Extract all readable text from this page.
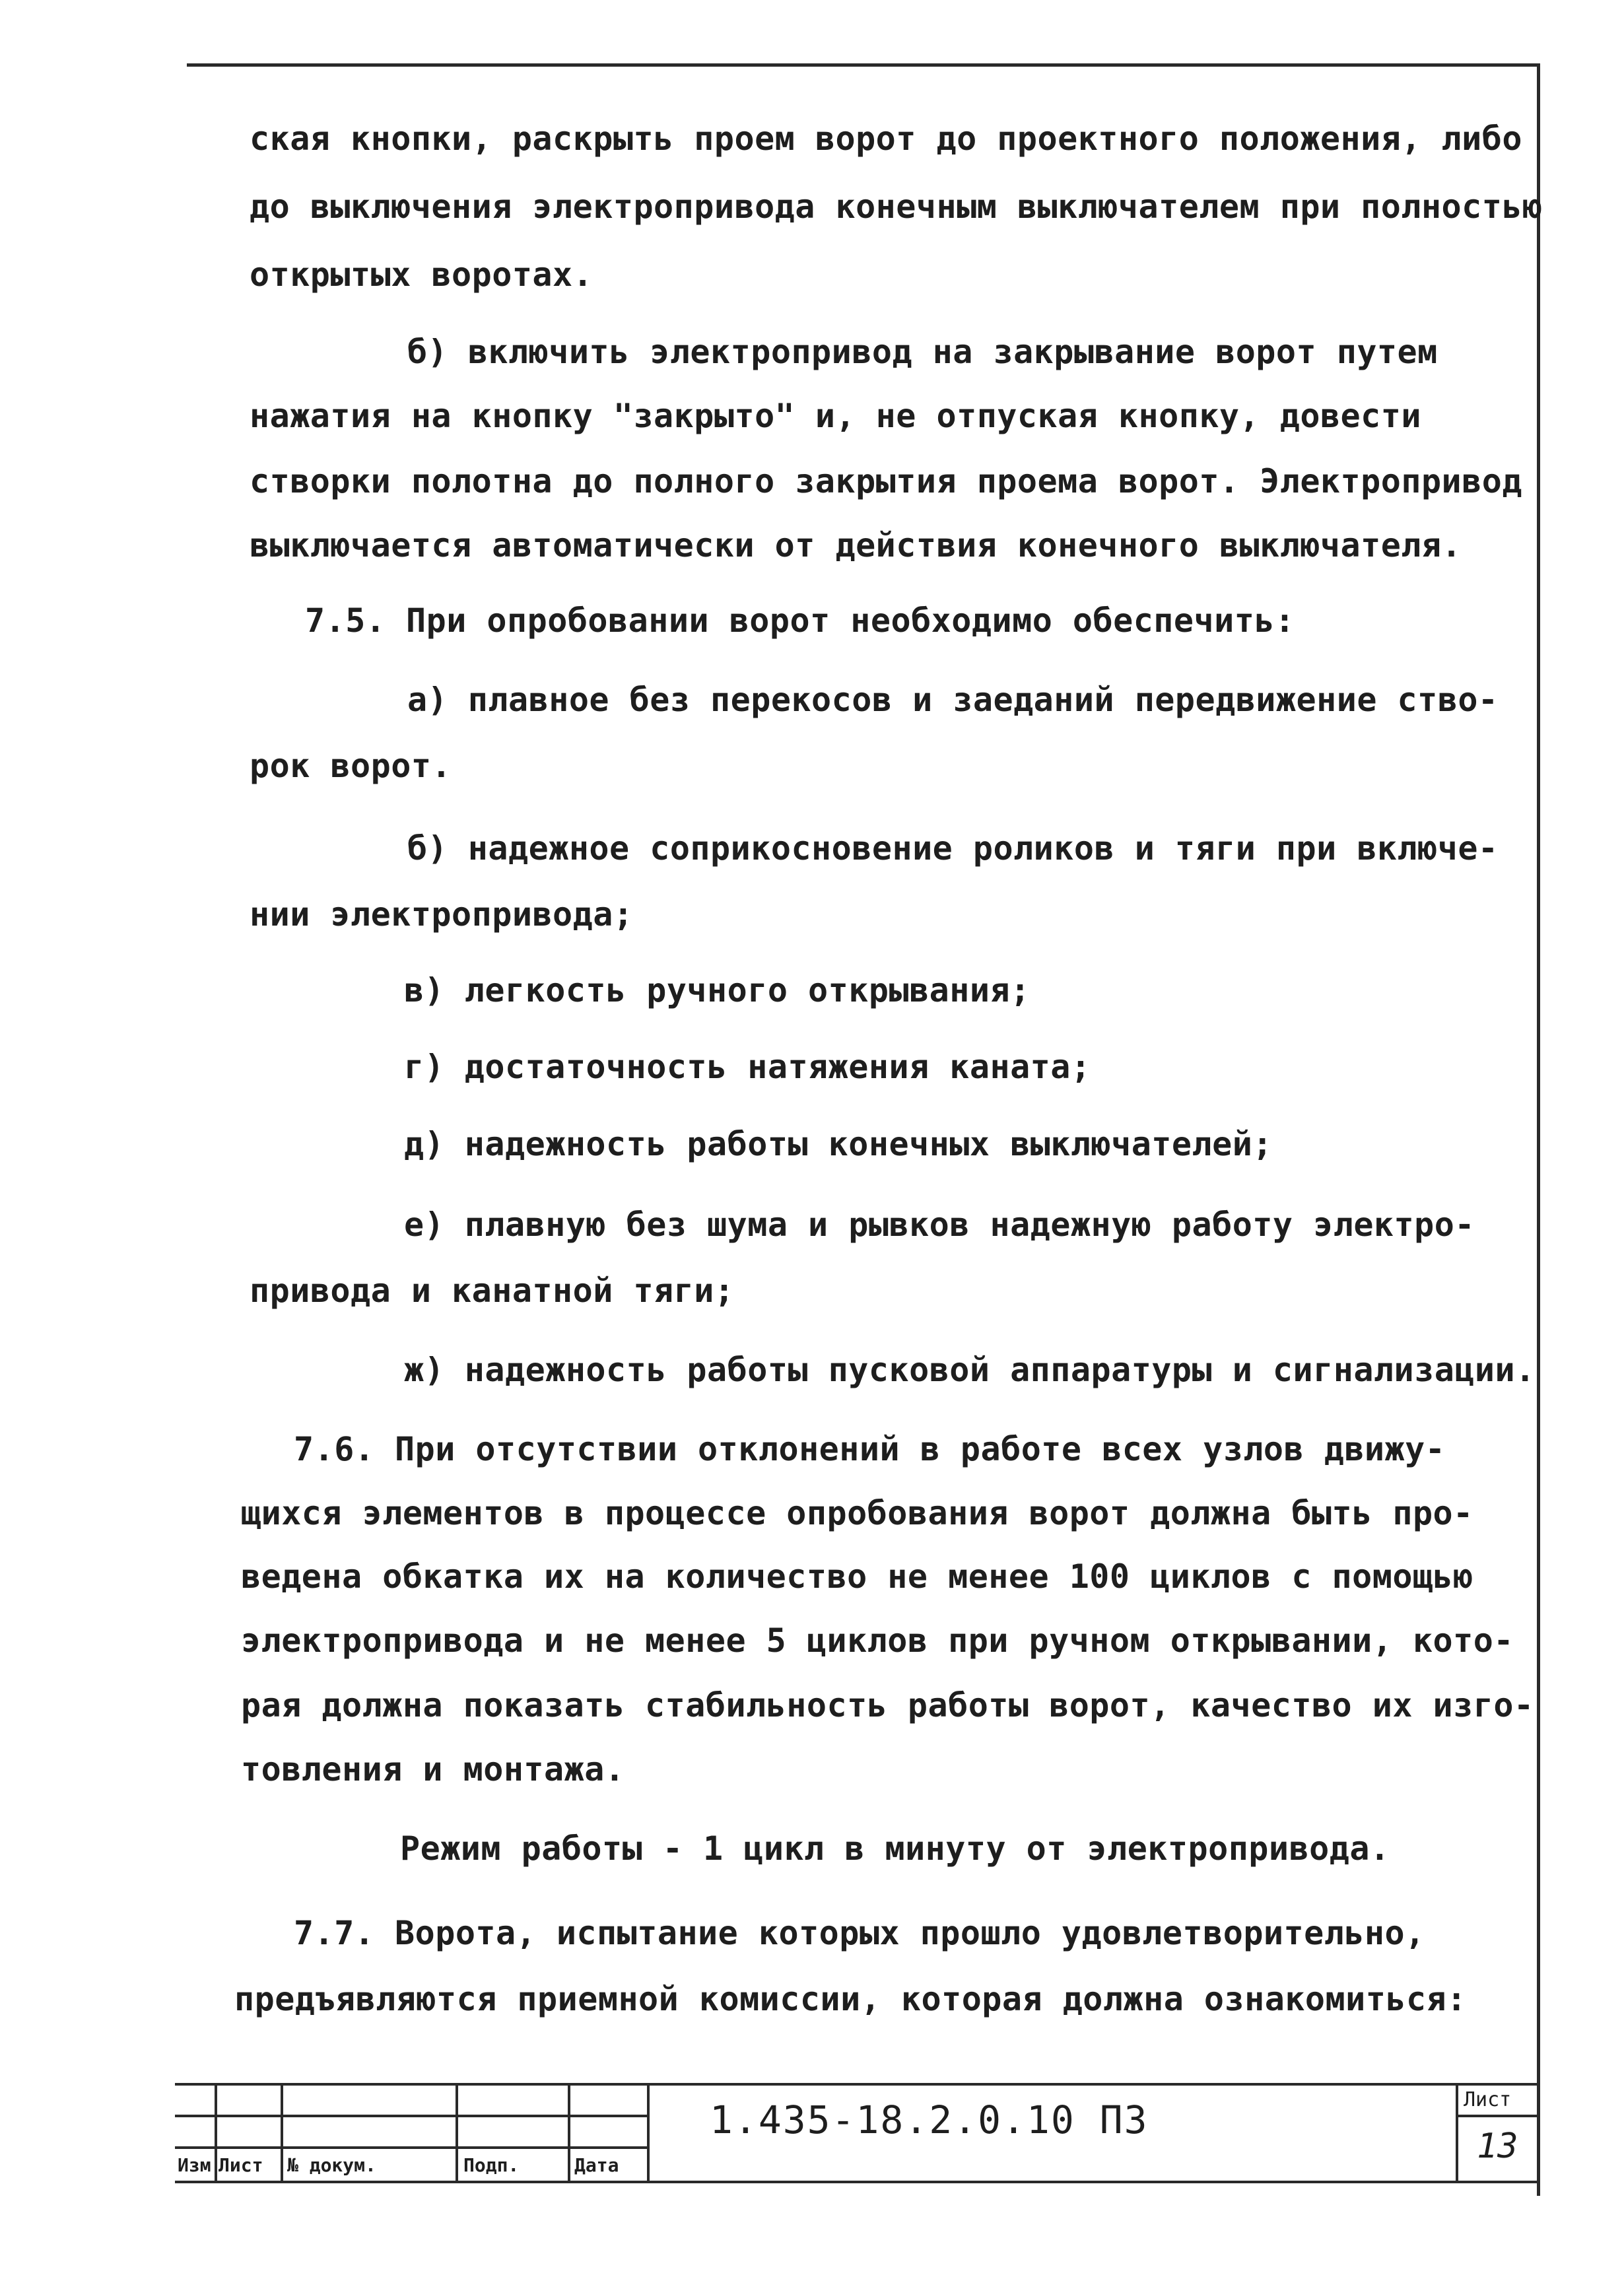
ская кнопки, раскрыть проем ворот до проектного положения, либо
до выключения электропривода конечным выключателем при полностью
открытых воротах.
б) включить электропривод на закрывание ворот путем
нажатия на кнопку "закрыто" и, не отпуская кнопку, довести
створки полотна до полного закрытия проема ворот. Электропривод
выключается автоматически от действия конечного выключателя.
7.5. При опробовании ворот необходимо обеспечить:
а) плавное без перекосов и заеданий передвижение ство-
рок ворот.
б) надежное соприкосновение роликов и тяги при включе-
нии электропривода;
в) легкость ручного открывания;
г) достаточность натяжения каната;
д) надежность работы конечных выключателей;
е) плавную без шума и рывков надежную работу электро-
привода и канатной тяги;
ж) надежность работы пусковой аппаратуры и сигнализации.
7.6. При отсутствии отклонений в работе всех узлов движу-
щихся элементов в процессе опробования ворот должна быть про-
ведена обкатка их на количество не менее 100 циклов с помощью
электропривода и не менее 5 циклов при ручном открывании, кото-
рая должна показать стабильность работы ворот, качество их изго-
товления и монтажа.
Режим работы - 1 цикл в минуту от электропривода.
7.7. Ворота, испытание которых прошло удовлетворительно,
предъявляются приемной комиссии, которая должна ознакомиться:
Изм Лист № докум.	Подп.	Дата
1.435-18.2.0.10 ПЗ	Лист
13
